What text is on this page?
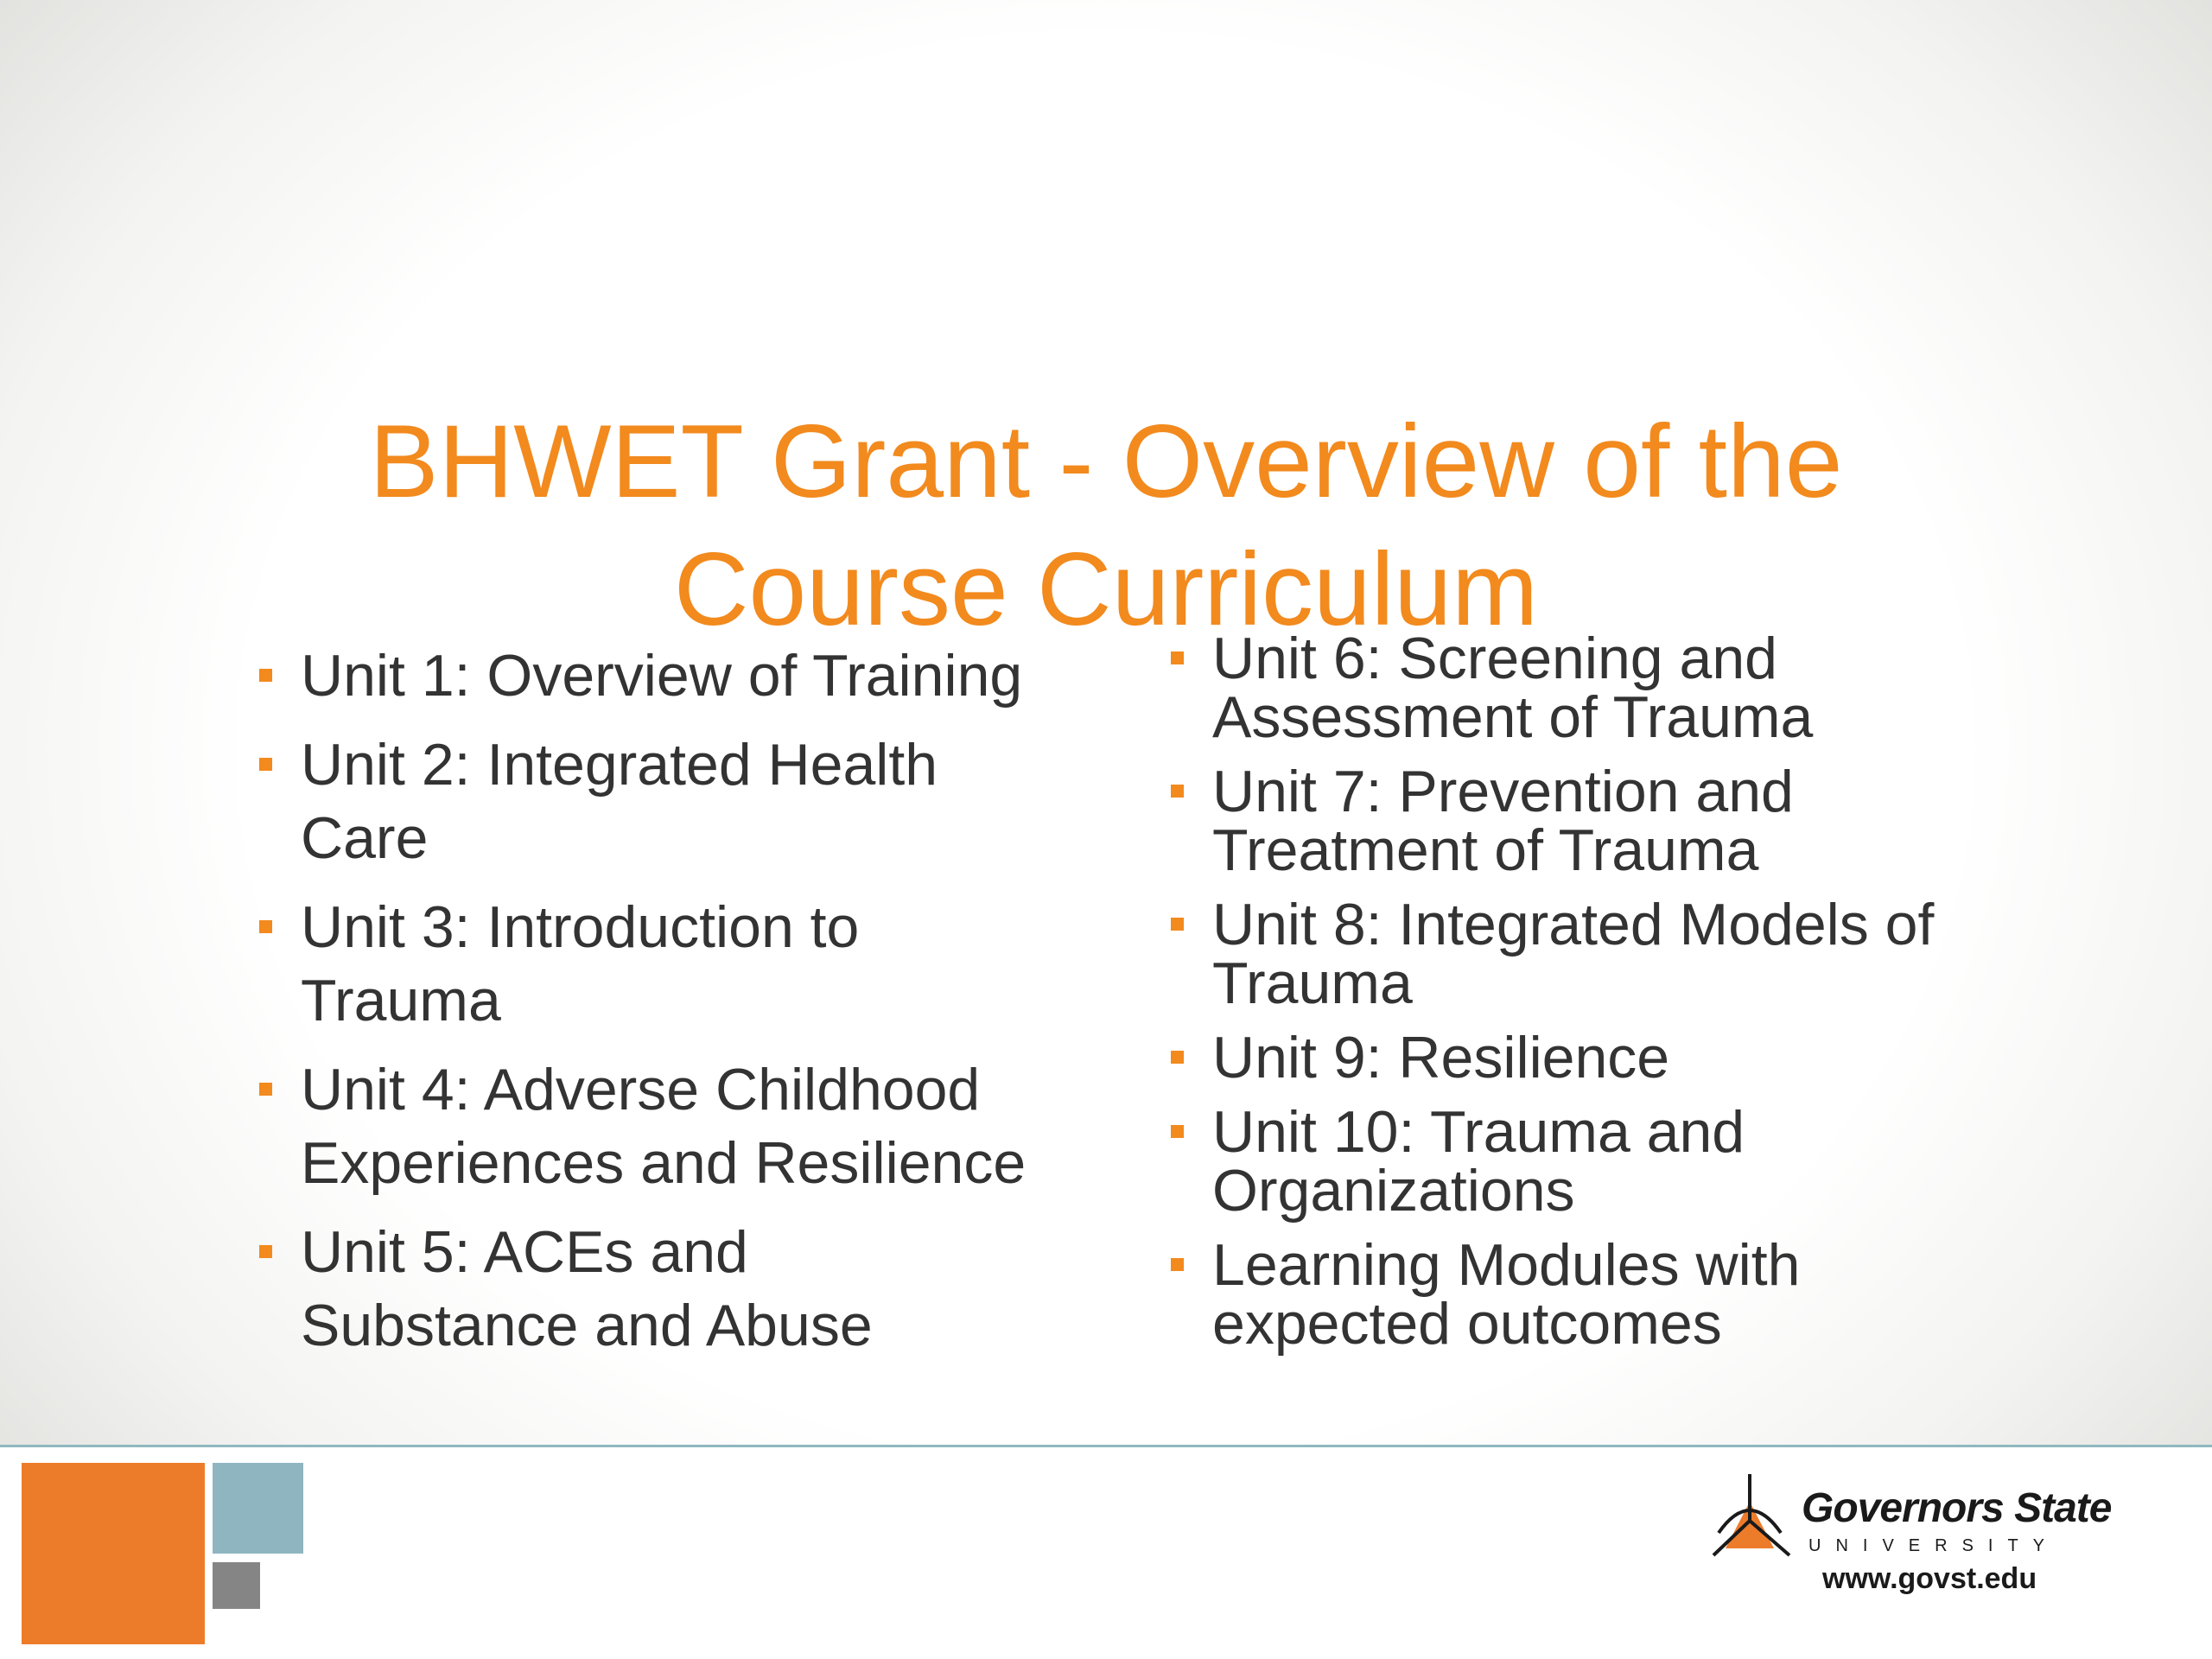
BHWET Grant - Overview of the
Course Curriculum
Unit 1: Overview of Training
Unit 2: Integrated Health
Care
Unit 3: Introduction to
Trauma
Unit 4: Adverse Childhood
Experiences and Resilience
Unit 5: ACEs and
Substance and Abuse
Unit 6: Screening and
Assessment of Trauma
Unit 7: Prevention and
Treatment of Trauma
Unit 8: Integrated Models of
Trauma
Unit 9: Resilience
Unit 10: Trauma and
Organizations
Learning Modules with
expected outcomes
Governors State
UNIVERSITY
www.govst.edu
